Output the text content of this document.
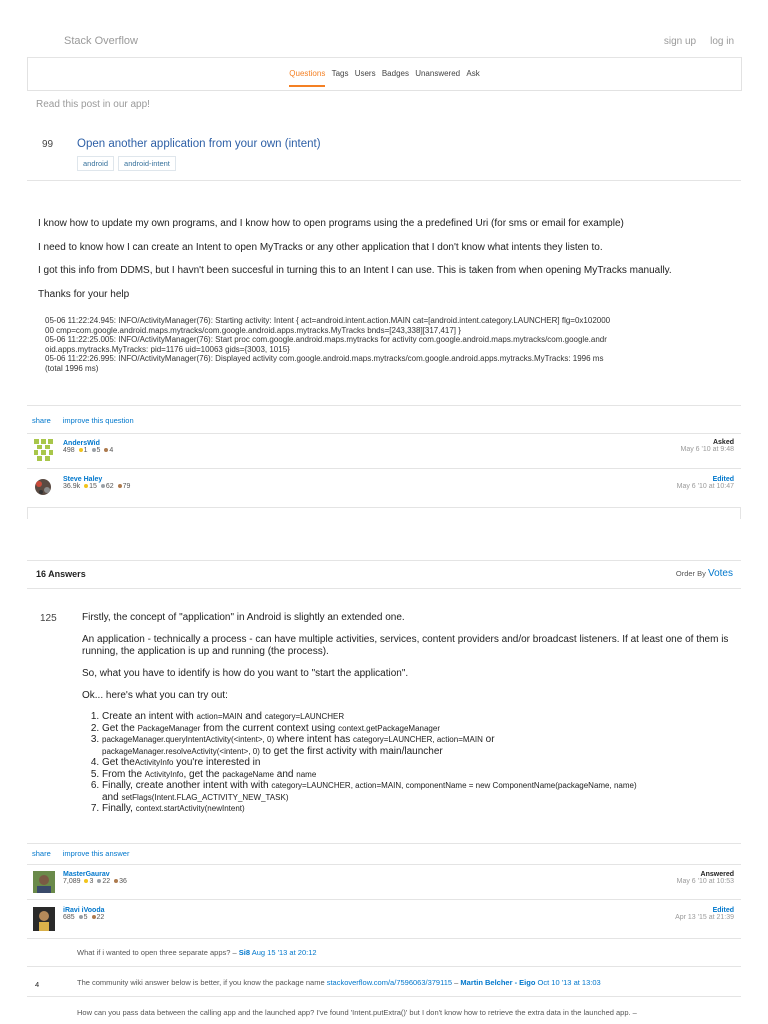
Stack Overflow	sign up log in
Questions Tags Users Badges Unanswered Ask
Read this post in our app!
99 Open another application from your own (intent)
android	android-intent

I know how to update my own programs, and I know how to open programs using the a predefined Uri (for sms or email for example)

I need to know how I can create an Intent to open MyTracks or any other application that I don't know what intents they listen to.

I got this info from DDMS, but I havn't been succesful in turning this to an Intent I can use. This is taken from when opening MyTracks manually.

Thanks for your help

05-06 11:22:24.945: INFO/ActivityManager(76): Starting activity: Intent { act=android.intent.action.MAIN cat=[android.intent.category.LAUNCHER] flg=0x102000
00 cmp=com.google.android.maps.mytracks/com.google.android.apps.mytracks.MyTracks bnds=[243,338][317,417] }
05-06 11:22:25.005: INFO/ActivityManager(76): Start proc com.google.android.maps.mytracks for activity com.google.android.maps.mytracks/com.google.andr
oid.apps.mytracks.MyTracks: pid=1176 uid=10063 gids={3003, 1015}
05-06 11:22:26.995: INFO/ActivityManager(76): Displayed activity com.google.android.maps.mytracks/com.google.android.apps.mytracks.MyTracks: 1996 ms
(total 1996 ms)
share improve this question
AndersWid
498 1 5 4
Asked
May 6 '10 at 9:48
Steve Haley
36.9k 15 62 79
Edited
May 6 '10 at 10:47
16 Answers	Order By Votes
125	Firstly, the concept of "application" in Android is slightly an extended one.

An application - technically a process - can have multiple activities, services, content providers and/or broadcast listeners. If at least one of them is running, the application is up and running (the process).

So, what you have to identify is how do you want to "start the application".

Ok... here's what you can try out:

1. Create an intent with action=MAIN and category=LAUNCHER
2. Get the PackageManager from the current context using context.getPackageManager
3. packageManager.queryIntentActivity(<intent>, 0) where intent has category=LAUNCHER, action=MAIN or
packageManager.resolveActivity(<intent>, 0) to get the first activity with main/launcher
4. Get theActivityInfo you're interested in
5. From the ActivityInfo, get the packageName and name
6. Finally, create another intent with with category=LAUNCHER, action=MAIN, componentName = new ComponentName(packageName, name)
and setFlags(Intent.FLAG_ACTIVITY_NEW_TASK)
7. Finally, context.startActivity(newIntent)
share improve this answer
MasterGaurav
7,089 3 22 36
Answered
May 6 '10 at 10:53
iRavi iVooda
685 5 22
Edited
Apr 13 '15 at 21:39
What if i wanted to open three separate apps? – Si8 Aug 15 '13 at 20:12
4	The community wiki answer below is better, if you know the package name stackoverflow.com/a/7596063/379115 – Martin Belcher - Eigo Oct 10 '13 at 13:03
How can you pass data between the calling app and the launched app? I've found 'Intent.putExtra()' but I don't know how to retrieve the extra data in the launched app. –
